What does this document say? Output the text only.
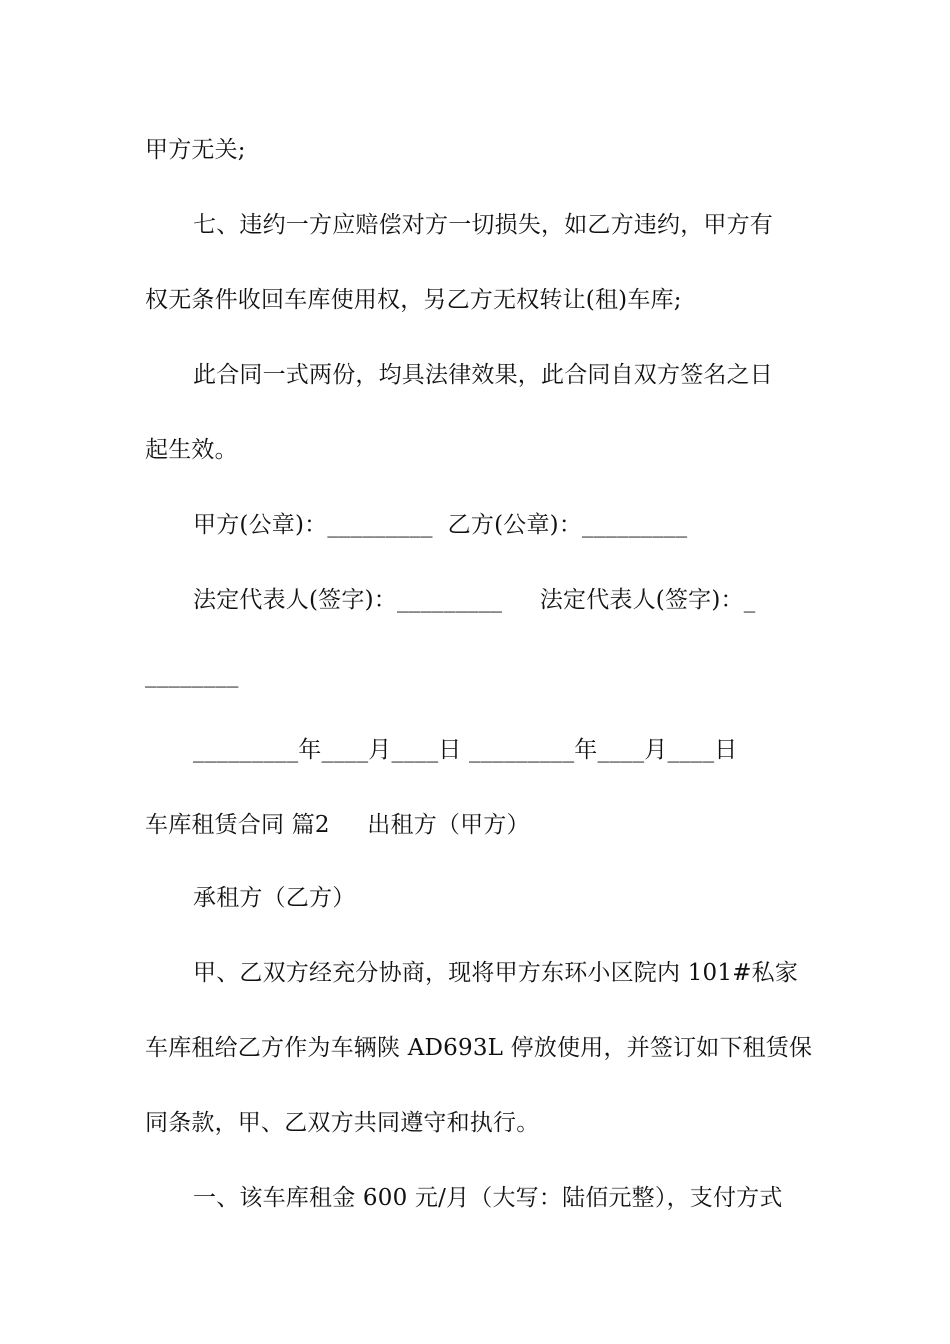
甲方无关;
七、违约一方应赔偿对方一切损失，如乙方违约，甲方有
权无条件收回车库使用权，另乙方无权转让(租)车库;
此合同一式两份，均具法律效果，此合同自双方签名之日
起生效。
甲方(公章)：_________  乙方(公章)：_________
法定代表人(签字)：_________     法定代表人(签字)：_
________
_________年____月____日 _________年____月____日
车库租赁合同 篇2     出租方（甲方）
承租方（乙方）
甲、乙双方经充分协商，现将甲方东环小区院内 101#私家
车库租给乙方作为车辆陕 AD693L 停放使用，并签订如下租赁保
同条款，甲、乙双方共同遵守和执行。
一、该车库租金 600 元/月（大写：陆佰元整），支付方式
